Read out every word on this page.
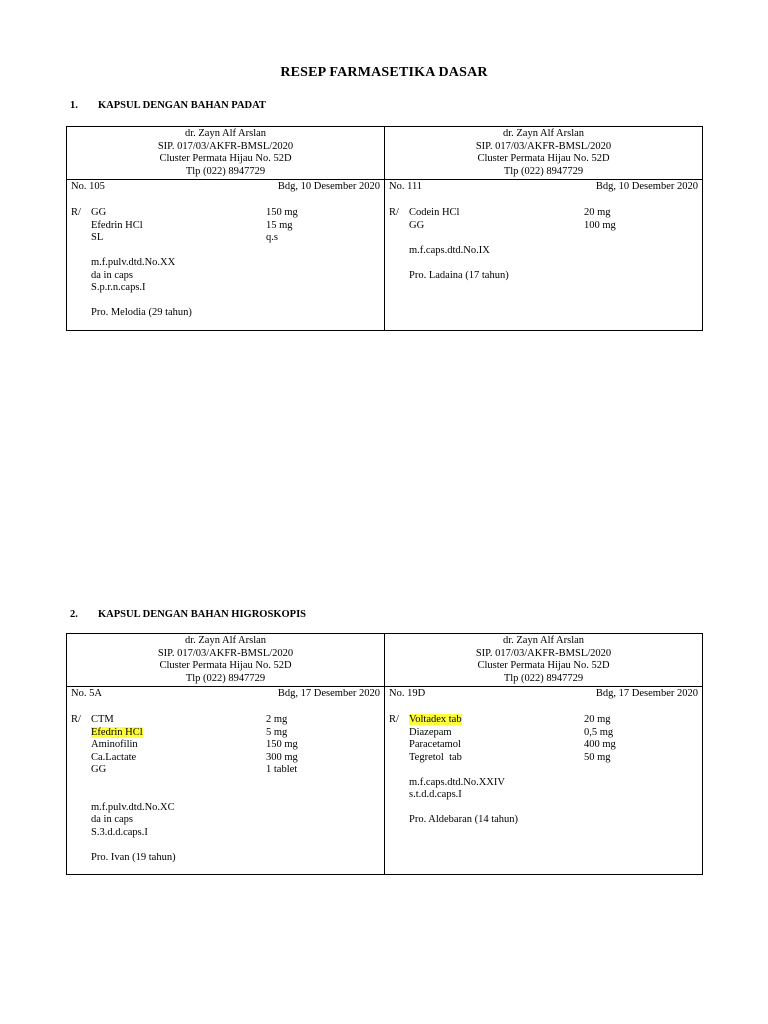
RESEP FARMASETIKA DASAR
1. KAPSUL DENGAN BAHAN PADAT
dr. Zayn Alf Arslan
SIP. 017/03/AKFR-BMSL/2020
Cluster Permata Hijau No. 52D
Tlp (022) 8947729
No. 105	Bdg, 10 Desember 2020
R/ GG	150 mg
Efedrin HCl	15 mg
SL	q.s
m.f.pulv.dtd.No.XX
da in caps
S.p.r.n.caps.I
Pro. Melodia (29 tahun)
dr. Zayn Alf Arslan
SIP. 017/03/AKFR-BMSL/2020
Cluster Permata Hijau No. 52D
Tlp (022) 8947729
No. 111	Bdg, 10 Desember 2020
R/ Codein HCl	20 mg
GG	100 mg
m.f.caps.dtd.No.IX
Pro. Ladaina (17 tahun)
2. KAPSUL DENGAN BAHAN HIGROSKOPIS
dr. Zayn Alf Arslan
SIP. 017/03/AKFR-BMSL/2020
Cluster Permata Hijau No. 52D
Tlp (022) 8947729
No. 5A	Bdg, 17 Desember 2020
R/ CTM	2 mg
Efedrin HCl	5 mg
Aminofilin	150 mg
Ca.Lactate	300 mg
GG	1 tablet
m.f.pulv.dtd.No.XC
da in caps
S.3.d.d.caps.I
Pro. Ivan (19 tahun)
dr. Zayn Alf Arslan
SIP. 017/03/AKFR-BMSL/2020
Cluster Permata Hijau No. 52D
Tlp (022) 8947729
No. 19D	Bdg, 17 Desember 2020
R/ Voltadex tab	20 mg
Diazepam	0,5 mg
Paracetamol	400 mg
Tegretol  tab	50 mg
m.f.caps.dtd.No.XXIV
s.t.d.d.caps.I
Pro. Aldebaran (14 tahun)
